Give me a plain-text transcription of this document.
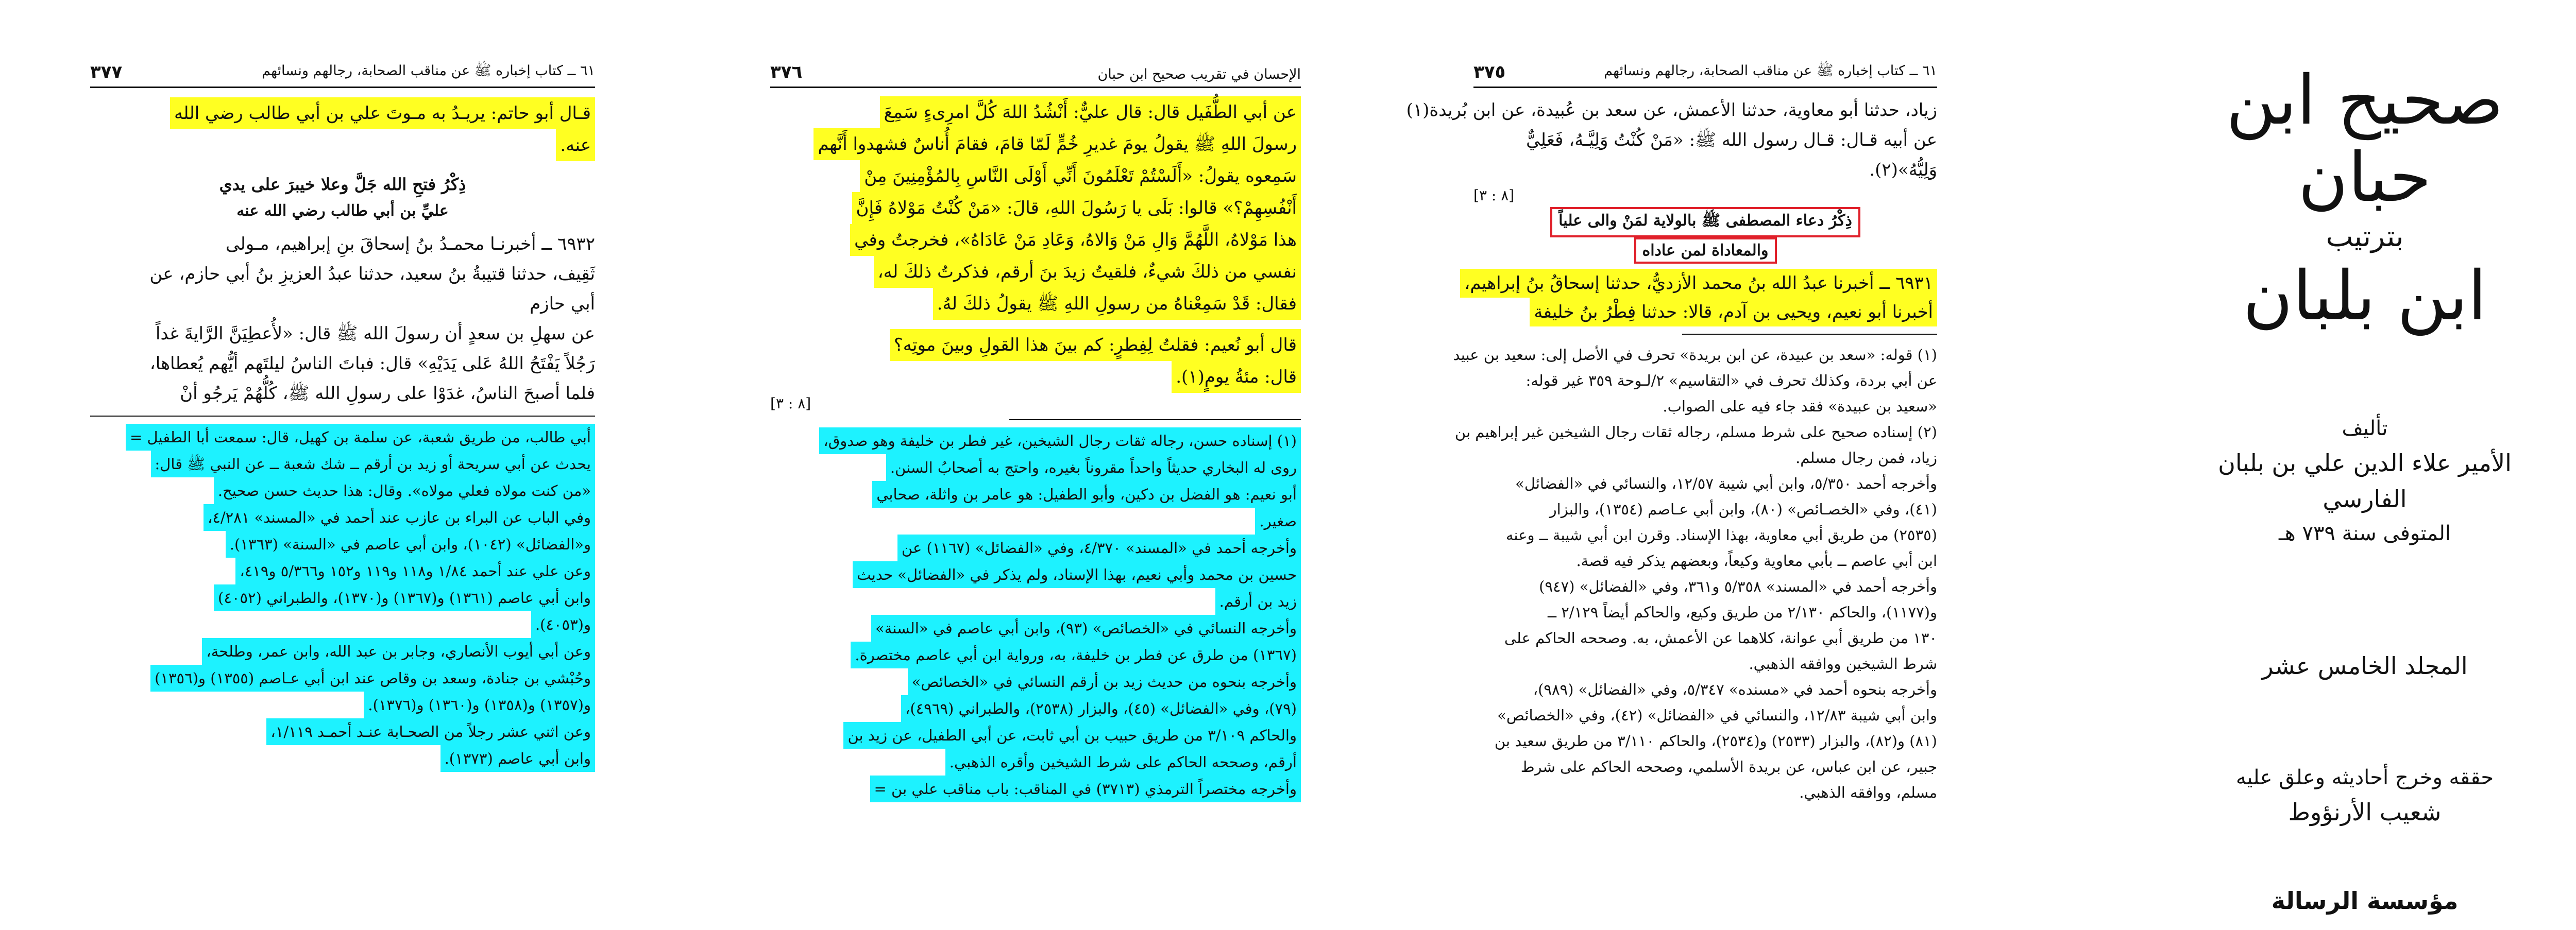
صحيح ابن حبان
بترتيب
ابن بلبان
تأليف
الأمير علاء الدين علي بن بلبان الفارسي
المتوفى سنة ٧٣٩ هـ
المجلد الخامس عشر
حققه وخرج أحاديثه وعلق عليه
شعيب الأرنؤوط
مؤسسة الرسالة
٦١ ــ كتاب إخباره ﷺ عن مناقب الصحابة، رجالهم ونسائهم
٣٧٥
زياد، حدثنا أبو معاوية، حدثنا الأعمش، عن سعد بن عُبيدة، عن ابن بُريدة(١)
عن أبيه قـال: قـال رسول الله ﷺ: «مَنْ كُنْتُ وَلِيَّـهُ، فَعَلِيٌّ
وَلِيُّهُ»(٢).
[٨ : ٣]
ذِكْرُ دعاء المصطفى ﷺ بالولاية لمَنْ والى علياً
والمعاداة لمن عاداه
٦٩٣١ ــ أخبرنا عبدُ الله بنُ محمد الأزديُّ، حدثنا إسحاقُ بنُ إبراهيم،
أخبرنا أبو نعيم، ويحيى بن آدم، قالا: حدثنا فِطْرُ بنُ خليفة
(١) قوله: «سعد بن عبيدة، عن ابن بريدة» تحرف في الأصل إلى: سعيد بن عبيد
عن أبي بردة، وكذلك تحرف في «التقاسيم» ٢/لـوحة ٣٥٩ غير قوله:
«سعيد بن عبيدة» فقد جاء فيه على الصواب.
(٢) إسناده صحيح على شرط مسلم، رجاله ثقات رجال الشيخين غير إبراهيم بن
زياد، فمن رجال مسلم.
وأخرجه أحمد ٥/٣٥٠، وابن أبي شيبة ١٢/٥٧، والنسائي في «الفضائل»
(٤١)، وفي «الخصـائص» (٨٠)، وابن أبي عـاصم (١٣٥٤)، والبزار
(٢٥٣٥) من طريق أبي معاوية، بهذا الإسناد. وقرن ابن أبي شيبة ــ وعنه
ابن أبي عاصم ــ بأبي معاوية وكيعاً، وبعضهم يذكر فيه قصة.
وأخرجه أحمد في «المسند» ٥/٣٥٨ و٣٦١، وفي «الفضائل» (٩٤٧)
و(١١٧٧)، والحاكم ٢/١٣٠ من طريق وكيع، والحاكم أيضاً ٢/١٢٩ ــ
١٣٠ من طريق أبي عوانة، كلاهما عن الأعمش، به. وصححه الحاكم على
شرط الشيخين ووافقه الذهبي.
وأخرجه بنحوه أحمد في «مسنده» ٥/٣٤٧، وفي «الفضائل» (٩٨٩)،
وابن أبي شيبة ١٢/٨٣، والنسائي في «الفضائل» (٤٢)، وفي «الخصائص»
(٨١) و(٨٢)، والبزار (٢٥٣٣) و(٢٥٣٤)، والحاكم ٣/١١٠ من طريق سعيد بن
جبير، عن ابن عباس، عن بريدة الأسلمي، وصححه الحاكم على شرط
مسلم، ووافقه الذهبي.
الإحسان في تقريب صحيح ابن حبان
٣٧٦
عن أبي الطُّفَيل قال: قال عليٌّ: أَنْشُدُ اللهَ كُلَّ امرِىءٍ سَمِعَ
رسولَ اللهِ ﷺ يقولُ يومَ غديرِ خُمٍّ لَمّا قامَ، فقامَ أُناسٌ فشهدوا أَنَّهم
سَمِعوه يقولُ: «أَلَسْتُمْ تَعْلَمُونَ أَنِّي أَوْلَى النَّاسِ بِالمُؤْمِنِينَ مِنْ
أَنْفُسِهِمْ؟» قالوا: بَلَى يا رَسُولَ اللهِ، قالَ: «مَنْ كُنْتُ مَوْلاهُ فَإِنَّ
هذا مَوْلاهُ، اللَّهُمَّ وَالِ مَنْ وَالاهُ، وَعَادِ مَنْ عَادَاهُ»، فخرجتُ وفي
نفسي من ذلكَ شيءٌ، فلقيتُ زيدَ بنَ أرقم، فذكرتُ ذلكَ له،
فقال: قَدْ سَمِعْناهُ من رسولِ اللهِ ﷺ يقولُ ذلكَ لهُ.
قال أبو نُعيم: فقلتُ لِفِطرٍ: كم بينَ هذا القولِ وبينَ موتِه؟
قال: مئةُ يومٍ(١).
[٨ : ٣]
(١) إسناده حسن، رجاله ثقات رجال الشيخين، غير فطر بن خليفة وهو صدوق،
روى له البخاري حديثاً واحداً مقروناً بغيره، واحتج به أصحابُ السنن.
أبو نعيم: هو الفضل بن دكين، وأبو الطفيل: هو عامر بن واثلة، صحابي
صغير.
وأخرجه أحمد في «المسند» ٤/٣٧٠، وفي «الفضائل» (١١٦٧) عن
حسين بن محمد وأبي نعيم، بهذا الإسناد، ولم يذكر في «الفضائل» حديث
زيد بن أرقم.
وأخرجه النسائي في «الخصائص» (٩٣)، وابن أبي عاصم في «السنة»
(١٣٦٧) من طرق عن فطر بن خليفة، به، ورواية ابن أبي عاصم مختصرة.
وأخرجه بنحوه من حديث زيد بن أرقم النسائي في «الخصائص»
(٧٩)، وفي «الفضائل» (٤٥)، والبزار (٢٥٣٨)، والطبراني (٤٩٦٩)،
والحاكم ٣/١٠٩ من طريق حبيب بن أبي ثابت، عن أبي الطفيل، عن زيد بن
أرقم، وصححه الحاكم على شرط الشيخين وأقره الذهبي.
وأخرجه مختصراً الترمذي (٣٧١٣) في المناقب: باب مناقب علي بن =
٦١ ــ كتاب إخباره ﷺ عن مناقب الصحابة، رجالهم ونسائهم
٣٧٧
قـال أبو حاتم: يريـدُ به مـوتَ علي بن أبي طالب رضي الله
عنه.
ذِكْرُ فتحِ الله جَلَّ وعلا خيبرَ على يدي
عليِّ بن أبي طالب رضي الله عنه
٦٩٣٢ ــ أخبرنـا محمـدُ بنُ إسحاقَ بنِ إبراهيم، مـولى
ثَقِيف، حدثنا قتيبةُ بنُ سعيد، حدثنا عبدُ العزيزِ بنُ أبي حازم، عن
أبي حازم
عن سهلِ بن سعدٍ أن رسولَ الله ﷺ قال: «لأُعطِيَنَّ الرَّايةَ غداً
رَجُلاً يَفْتَحُ اللهُ عَلى يَدَيْهِ» قال: فباتَ الناسُ ليلتَهم أيُّهم يُعطاها،
فلما أصبحَ الناسُ، غدَوْا على رسولِ الله ﷺ، كُلُّهُمْ يَرجُو أنْ
أبي طالب، من طريق شعبة، عن سلمة بن كهيل، قال: سمعت أبا الطفيل =
يحدث عن أبي سريحة أو زيد بن أرقم ــ شك شعبة ــ عن النبي ﷺ قال:
«من كنت مولاه فعلي مولاه». وقال: هذا حديث حسن صحيح.
وفي الباب عن البراء بن عازب عند أحمد في «المسند» ٤/٢٨١،
و«الفضائل» (١٠٤٢)، وابن أبي عاصم في «السنة» (١٣٦٣).
وعن علي عند أحمد ١/٨٤ و١١٨ و١١٩ و١٥٢ و٥/٣٦٦ و٤١٩،
وابن أبي عاصم (١٣٦١) و(١٣٦٧) و(١٣٧٠)، والطبراني (٤٠٥٢)
و(٤٠٥٣).
وعن أبي أيوب الأنصاري، وجابر بن عبد الله، وابن عمر، وطلحة،
وحُبْشي بن جنادة، وسعد بن وقاص عند ابن أبي عـاصم (١٣٥٥) و(١٣٥٦)
و(١٣٥٧) و(١٣٥٨) و(١٣٦٠) و(١٣٧٦).
وعن اثني عشر رجلاً من الصحـابة عنـد أحمـد ١/١١٩،
وابن أبي عاصم (١٣٧٣).
